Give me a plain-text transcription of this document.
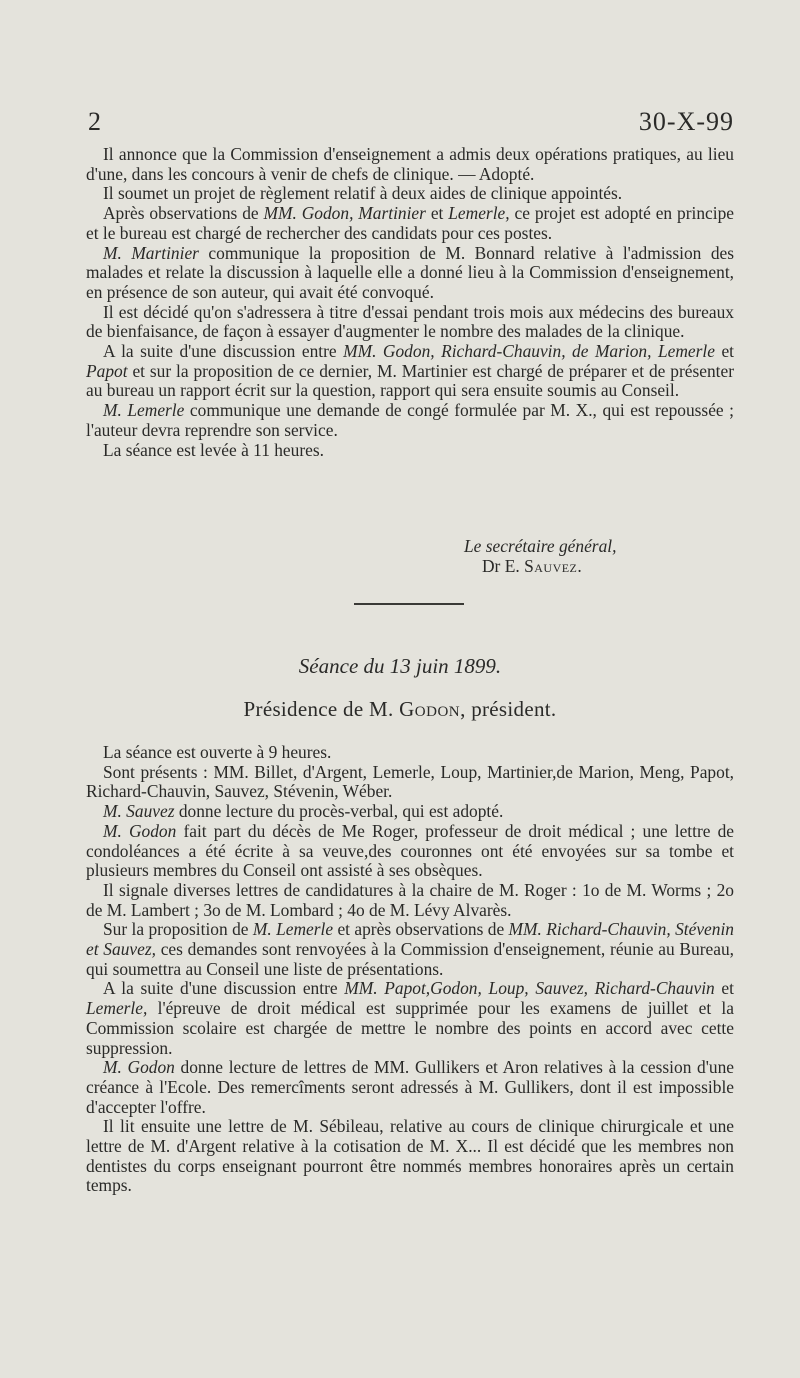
2	30-X-99

Il annonce que la Commission d'enseignement a admis deux opérations pratiques, au lieu d'une, dans les concours à venir de chefs de clinique. — Adopté.

Il soumet un projet de règlement relatif à deux aides de clinique appointés.

Après observations de MM. Godon, Martinier et Lemerle, ce projet est adopté en principe et le bureau est chargé de rechercher des candidats pour ces postes.

M. Martinier communique la proposition de M. Bonnard relative à l'admission des malades et relate la discussion à laquelle elle a donné lieu à la Commission d'enseignement, en présence de son auteur, qui avait été convoqué.

Il est décidé qu'on s'adressera à titre d'essai pendant trois mois aux médecins des bureaux de bienfaisance, de façon à essayer d'augmenter le nombre des malades de la clinique.

A la suite d'une discussion entre MM. Godon, Richard-Chauvin, de Marion, Lemerle et Papot et sur la proposition de ce dernier, M. Martinier est chargé de préparer et de présenter au bureau un rapport écrit sur la question, rapport qui sera ensuite soumis au Conseil.

M. Lemerle communique une demande de congé formulée par M. X., qui est repoussée ; l'auteur devra reprendre son service.

La séance est levée à 11 heures.

Le secrétaire général,
Dr E. Sauvez.
Séance du 13 juin 1899.
Présidence de M. Godon, président.

La séance est ouverte à 9 heures.

Sont présents : MM. Billet, d'Argent, Lemerle, Loup, Martinier,de Marion, Meng, Papot, Richard-Chauvin, Sauvez, Stévenin, Wéber.

M. Sauvez donne lecture du procès-verbal, qui est adopté.

M. Godon fait part du décès de Me Roger, professeur de droit médical ; une lettre de condoléances a été écrite à sa veuve,des couronnes ont été envoyées sur sa tombe et plusieurs membres du Conseil ont assisté à ses obsèques.

Il signale diverses lettres de candidatures à la chaire de M. Roger : 1o de M. Worms ; 2o de M. Lambert ; 3o de M. Lombard ; 4o de M. Lévy Alvarès.

Sur la proposition de M. Lemerle et après observations de MM. Richard-Chauvin, Stévenin et Sauvez, ces demandes sont renvoyées à la Commission d'enseignement, réunie au Bureau, qui soumettra au Conseil une liste de présentations.

A la suite d'une discussion entre MM. Papot,Godon, Loup, Sauvez, Richard-Chauvin et Lemerle, l'épreuve de droit médical est supprimée pour les examens de juillet et la Commission scolaire est chargée de mettre le nombre des points en accord avec cette suppression.

M. Godon donne lecture de lettres de MM. Gullikers et Aron relatives à la cession d'une créance à l'Ecole. Des remercîments seront adressés à M. Gullikers, dont il est impossible d'accepter l'offre.

Il lit ensuite une lettre de M. Sébileau, relative au cours de clinique chirurgicale et une lettre de M. d'Argent relative à la cotisation de M. X... Il est décidé que les membres non dentistes du corps enseignant pourront être nommés membres honoraires après un certain temps.
